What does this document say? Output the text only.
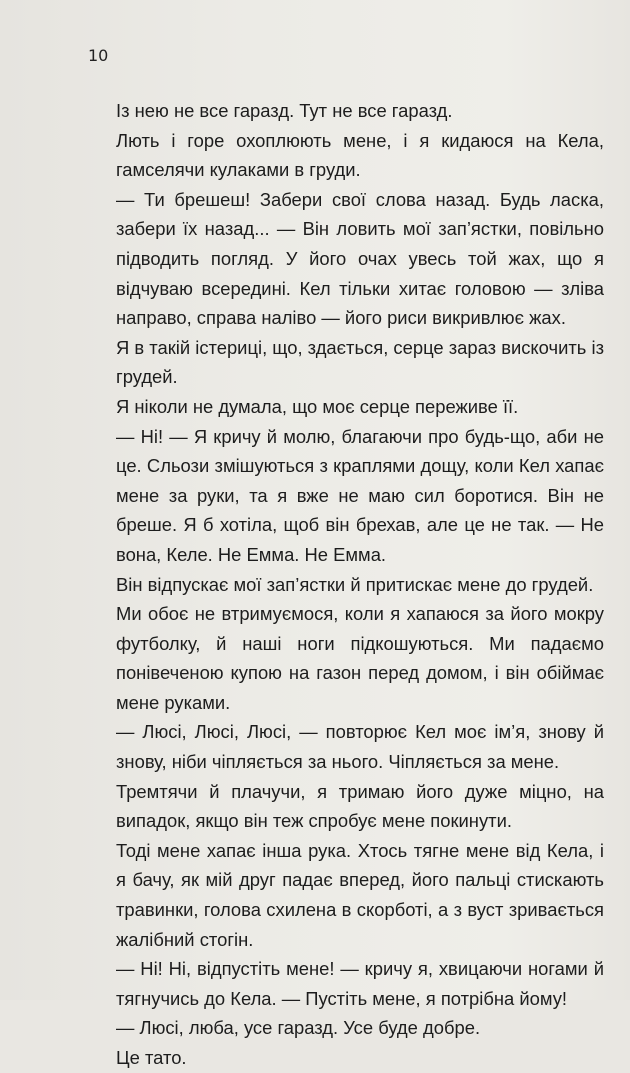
10

Із нею не все гаразд. Тут не все гаразд.

Лють і горе охоплюють мене, і я кидаюся на Кела, гамселячи кулаками в груди.

— Ти брешеш! Забери свої слова назад. Будь ласка, забери їх назад... — Він ловить мої зап’ястки, повільно підводить погляд. У його очах увесь той жах, що я відчуваю всередині. Кел тільки хитає головою — зліва направо, справа наліво — його риси викривлює жах.

Я в такій істериці, що, здається, серце зараз вискочить із грудей.

Я ніколи не думала, що моє серце переживе її.

— Ні! — Я кричу й молю, благаючи про будь-що, аби не це. Сльози змішуються з краплями дощу, коли Кел хапає мене за руки, та я вже не маю сил боротися. Він не бреше. Я б хотіла, щоб він брехав, але це не так. — Не вона, Келе. Не Емма. Не Емма.

Він відпускає мої зап’ястки й притискає мене до грудей.

Ми обоє не втримуємося, коли я хапаюся за його мокру футболку, й наші ноги підкошуються. Ми падаємо понівеченою купою на газон перед домом, і він обіймає мене руками.

— Люсі, Люсі, Люсі, — повторює Кел моє ім’я, знову й знову, ніби чіпляється за нього. Чіпляється за мене.

Тремтячи й плачучи, я тримаю його дуже міцно, на випадок, якщо він теж спробує мене покинути.

Тоді мене хапає інша рука. Хтось тягне мене від Кела, і я бачу, як мій друг падає вперед, його пальці стискають травинки, голова схилена в скорботі, а з вуст зривається жалібний стогін.

— Ні! Ні, відпустіть мене! — кричу я, хвицаючи ногами й тягнучись до Кела. — Пустіть мене, я потрібна йому!

— Люсі, люба, усе гаразд. Усе буде добре.

Це тато.
